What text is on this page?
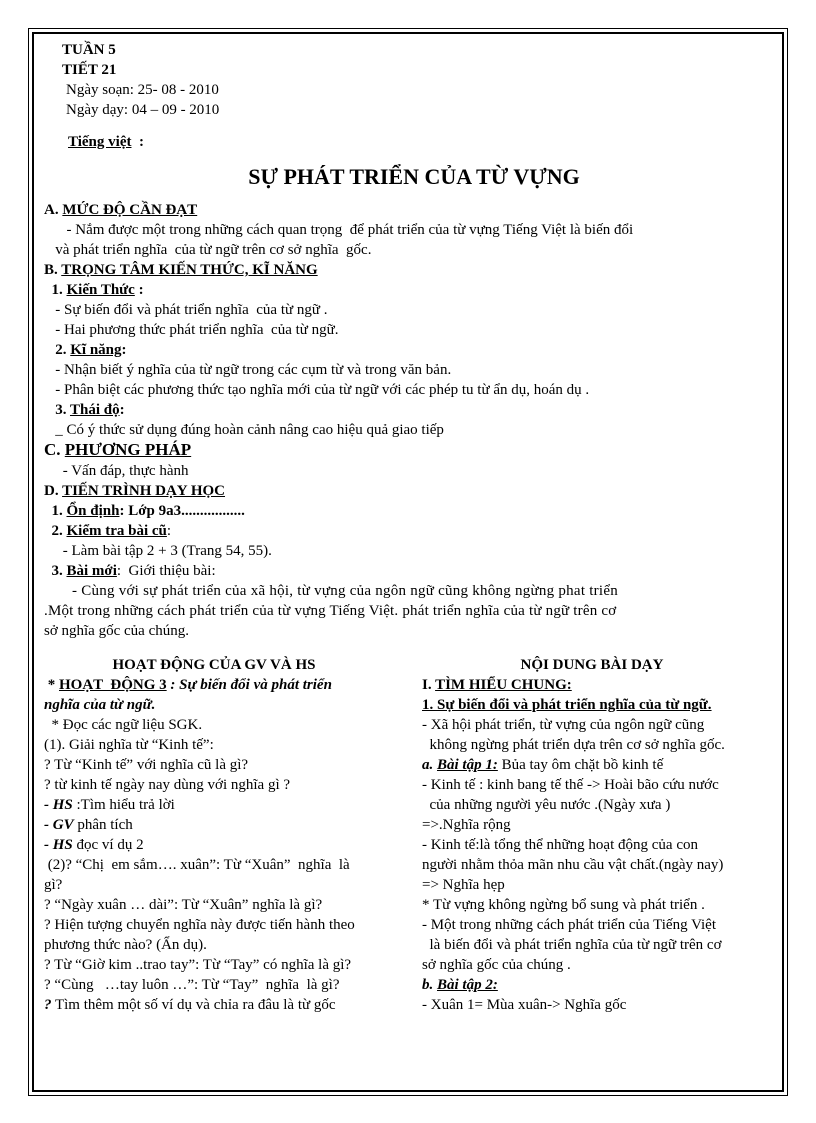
TUẦN 5
TIẾT 21
Ngày soạn: 25- 08 - 2010
Ngày dạy: 04 – 09 - 2010
Tiếng việt  :
SỰ PHÁT TRIỂN CỦA TỪ VỰNG
A. MỨC ĐỘ CẦN ĐẠT
- Nắm được một trong những cách quan trọng  để phát triển của từ vựng Tiếng Việt là biến đổi
và phát triển nghĩa  của từ ngữ trên cơ sở nghĩa  gốc.
B. TRỌNG TÂM KIẾN THỨC, KĨ NĂNG
1. Kiến Thức :
- Sự biến đổi và phát triển nghĩa  của từ ngữ .
- Hai phương thức phát triển nghĩa  của từ ngữ.
2. Kĩ năng:
- Nhận biết ý nghĩa của từ ngữ trong các cụm từ và trong văn bản.
- Phân biệt các phương thức tạo nghĩa mới của từ ngữ với các phép tu từ ẩn dụ, hoán dụ .
3. Thái độ:
_ Có ý thức sử dụng đúng hoàn cảnh nâng cao hiệu quả giao tiếp
C. PHƯƠNG PHÁP
- Vấn đáp, thực hành
D. TIẾN TRÌNH DẠY HỌC
1. Ổn định: Lớp 9a3.................
2. Kiểm tra bài cũ:
- Làm bài tập 2 + 3 (Trang 54, 55).
3. Bài mới:  Giới thiệu bài:
- Cùng với sự phát triển của xã hội, từ vựng của ngôn ngữ cũng không ngừng phat triển
.Một trong những cách phát triển của từ vựng Tiếng Việt. phát triển nghĩa của từ ngữ trên cơ
sở nghĩa gốc của chúng.
HOẠT ĐỘNG CỦA GV VÀ HS
* HOẠT  ĐỘNG 3 : Sự biến đổi và phát triển
nghĩa của từ ngữ.
* Đọc các ngữ liệu SGK.
(1). Giải nghĩa từ “Kinh tế”:
? Từ “Kinh tế” với nghĩa cũ là gì?
? từ kinh tế ngày nay dùng với nghĩa gì ?
- HS :Tìm hiểu trả lời
- GV phân tích
- HS đọc ví dụ 2
(2)? “Chị  em sắm…. xuân”: Từ “Xuân”  nghĩa  là
gì?
? “Ngày xuân … dài”: Từ “Xuân” nghĩa là gì?
? Hiện tượng chuyển nghĩa này được tiến hành theo
phương thức nào? (Ẩn dụ).
? Từ “Giờ kim ..trao tay”: Từ “Tay” có nghĩa là gì?
? “Cùng   …tay luôn …”: Từ “Tay”  nghĩa  là gì?
? Tìm thêm một số ví dụ và chỉa ra đâu là từ gốc
NỘI DUNG BÀI DẠY
I. TÌM HIỂU CHUNG:
1. Sự biến đổi và phát triển nghĩa của từ ngữ.
- Xã hội phát triển, từ vựng của ngôn ngữ cũng
không ngừng phát triển dựa trên cơ sở nghĩa gốc.
a. Bài tập 1: Bủa tay ôm chặt bồ kinh tế
- Kinh tế : kinh bang tế thế -> Hoài bão cứu nước
của những người yêu nước .(Ngày xưa )
=>.Nghĩa rộng
- Kinh tế:là tổng thể những hoạt động của con
người nhằm thỏa mãn nhu cầu vật chất.(ngày nay)
=> Nghĩa hẹp
* Từ vựng không ngừng bổ sung và phát triển .
- Một trong những cách phát triển của Tiếng Việt
là biến đổi và phát triển nghĩa của từ ngữ trên cơ
sở nghĩa gốc của chúng .
b. Bài tập 2:
- Xuân 1= Mùa xuân-> Nghĩa gốc
